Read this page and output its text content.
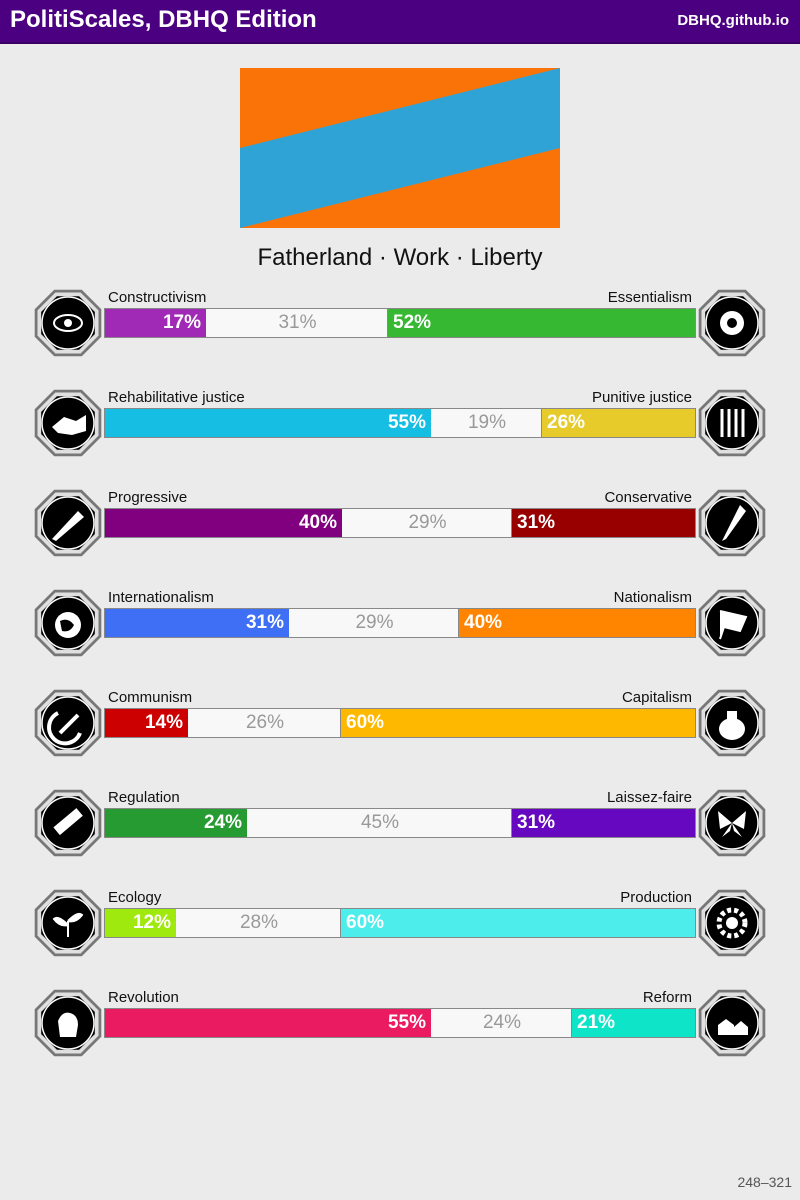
PolitiScales, DBHQ Edition	DBHQ.github.io
Fatherland · Work · Liberty
Constructivism	Essentialism
17%	31%	52%
Rehabilitative justice	Punitive justice
55%	19%	26%
Progressive	Conservative
40%	29%	31%
Internationalism	Nationalism
31%	29%	40%
Communism	Capitalism
14%	26%	60%
Regulation	Laissez-faire
24%	45%	31%
Ecology	Production
12%	28%	60%
Revolution	Reform
55%	24%	21%
248–321
